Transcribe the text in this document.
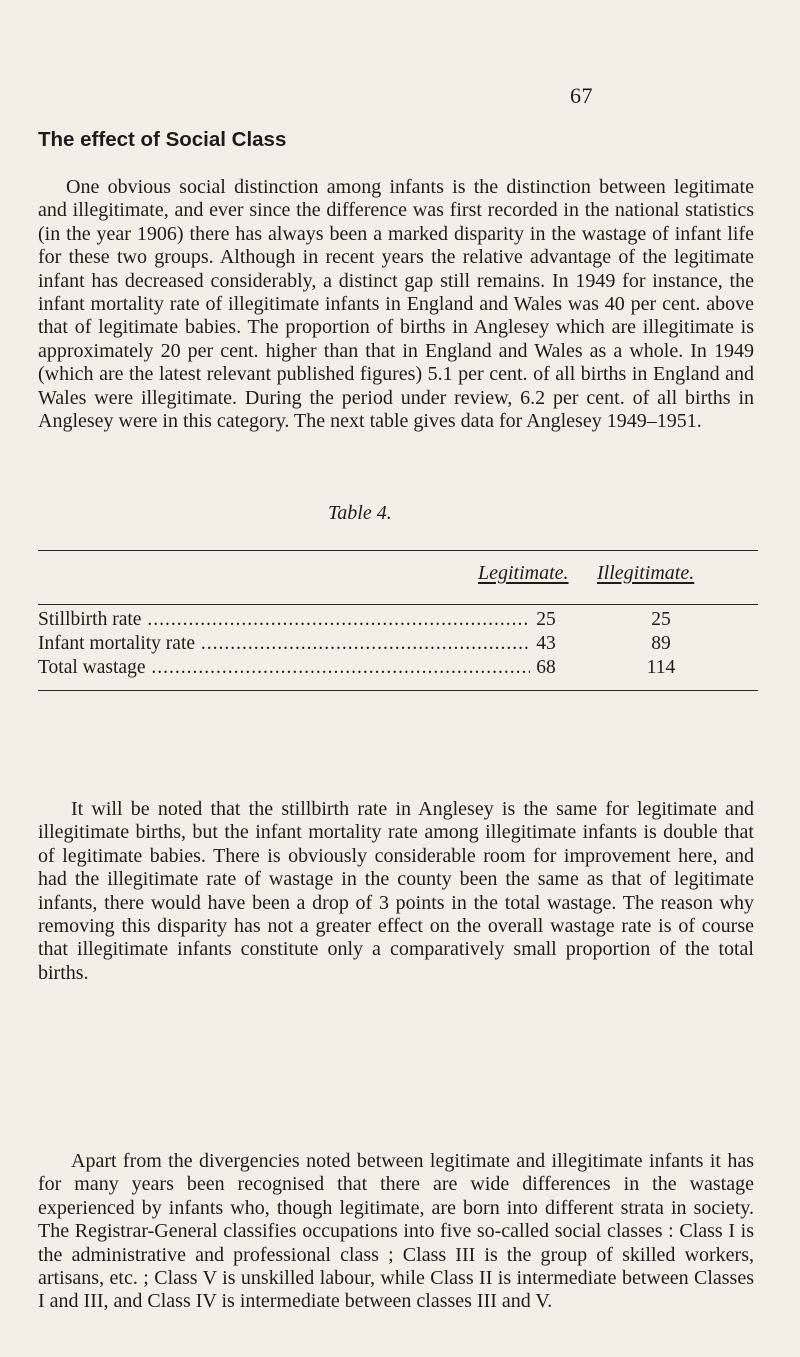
67
The effect of Social Class

One obvious social distinction among infants is the distinction between legitimate and illegitimate, and ever since the difference was first recorded in the national statistics (in the year 1906) there has always been a marked disparity in the wastage of infant life for these two groups. Although in recent years the relative advantage of the legitimate infant has decreased considerably, a distinct gap still remains. In 1949 for instance, the infant mortality rate of illegitimate infants in England and Wales was 40 per cent. above that of legitimate babies. The proportion of births in Anglesey which are illegitimate is approximately 20 per cent. higher than that in England and Wales as a whole. In 1949 (which are the latest relevant published figures) 5.1 per cent. of all births in England and Wales were illegitimate. During the period under review, 6.2 per cent. of all births in Anglesey were in this category. The next table gives data for Anglesey 1949–1951.

Table 4.
Legitimate. Illegitimate.
Stillbirth rate .....	25	25
Infant mortality rate .....	43	89
Total wastage .....	68	114

It will be noted that the stillbirth rate in Anglesey is the same for legitimate and illegitimate births, but the infant mortality rate among illegitimate infants is double that of legitimate babies. There is obviously considerable room for improvement here, and had the illegitimate rate of wastage in the county been the same as that of legitimate infants, there would have been a drop of 3 points in the total wastage. The reason why removing this disparity has not a greater effect on the overall wastage rate is of course that illegitimate infants constitute only a comparatively small proportion of the total births.

Apart from the divergencies noted between legitimate and illegitimate infants it has for many years been recognised that there are wide differences in the wastage experienced by infants who, though legitimate, are born into different strata in society. The Registrar-General classifies occupations into five so-called social classes : Class I is the administrative and professional class ; Class III is the group of skilled workers, artisans, etc. ; Class V is unskilled labour, while Class II is intermediate between Classes I and III, and Class IV is intermediate between classes III and V.
